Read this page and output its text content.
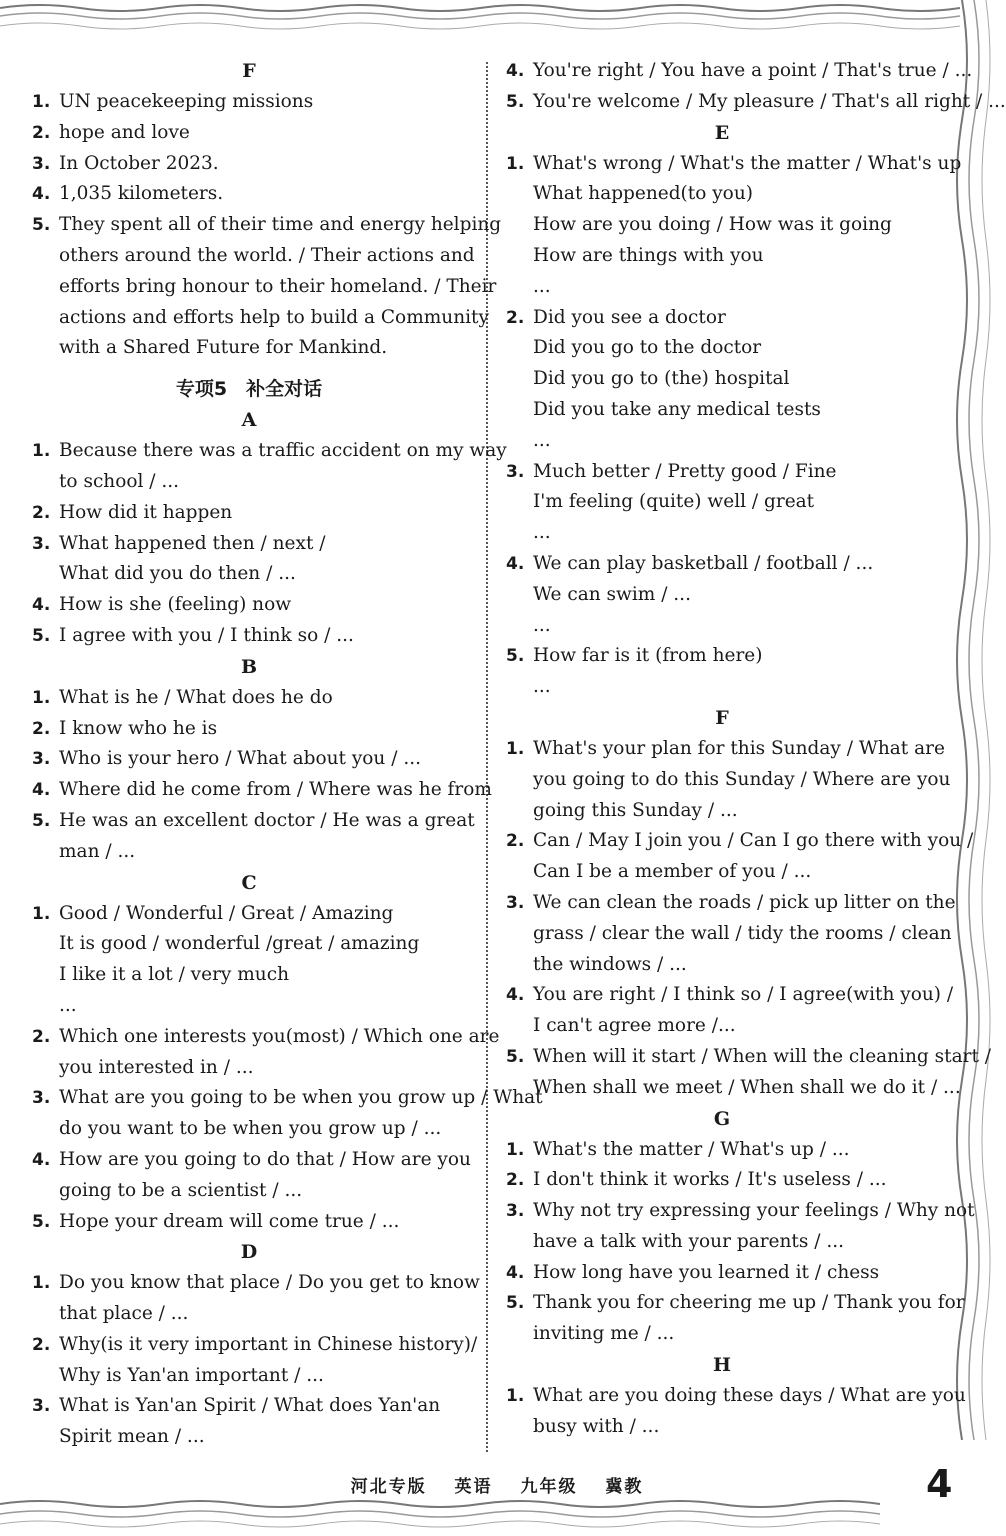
F
1. UN peacekeeping missions
2. hope and love
3. In October 2023.
4. 1,035 kilometers.
5. They spent all of their time and energy helping
others around the world. / Their actions and
efforts bring honour to their homeland. / Their
actions and efforts help to build a Community
with a Shared Future for Mankind.
专项5　补全对话
A
1. Because there was a traffic accident on my way
to school / ...
2. How did it happen
3. What happened then / next /
What did you do then / ...
4. How is she (feeling) now
5. I agree with you / I think so / ...
B
1. What is he / What does he do
2. I know who he is
3. Who is your hero / What about you / ...
4. Where did he come from / Where was he from
5. He was an excellent doctor / He was a great
man / ...
C
1. Good / Wonderful / Great / Amazing
It is good / wonderful /great / amazing
I like it a lot / very much
...
2. Which one interests you(most) / Which one are
you interested in / ...
3. What are you going to be when you grow up / What
do you want to be when you grow up / ...
4. How are you going to do that / How are you
going to be a scientist / ...
5. Hope your dream will come true / ...
D
1. Do you know that place / Do you get to know
that place / ...
2. Why(is it very important in Chinese history)/
Why is Yan'an important / ...
3. What is Yan'an Spirit / What does Yan'an
Spirit mean / ...
4. You're right / You have a point / That's true / ...
5. You're welcome / My pleasure / That's all right / ...
E
1. What's wrong / What's the matter / What's up
What happened(to you)
How are you doing / How was it going
How are things with you
...
2. Did you see a doctor
Did you go to the doctor
Did you go to (the) hospital
Did you take any medical tests
...
3. Much better / Pretty good / Fine
I'm feeling (quite) well / great
...
4. We can play basketball / football / ...
We can swim / ...
...
5. How far is it (from here)
...
F
1. What's your plan for this Sunday / What are
you going to do this Sunday / Where are you
going this Sunday / ...
2. Can / May I join you / Can I go there with you /
Can I be a member of you / ...
3. We can clean the roads / pick up litter on the
grass / clear the wall / tidy the rooms / clean
the windows / ...
4. You are right / I think so / I agree(with you) /
I can't agree more /...
5. When will it start / When will the cleaning start /
When shall we meet / When shall we do it / ...
G
1. What's the matter / What's up / ...
2. I don't think it works / It's useless / ...
3. Why not try expressing your feelings / Why not
have a talk with your parents / ...
4. How long have you learned it / chess
5. Thank you for cheering me up / Thank you for
inviting me / ...
H
1. What are you doing these days / What are you
busy with / ...
河北专版 英语 九年级 冀教	4
